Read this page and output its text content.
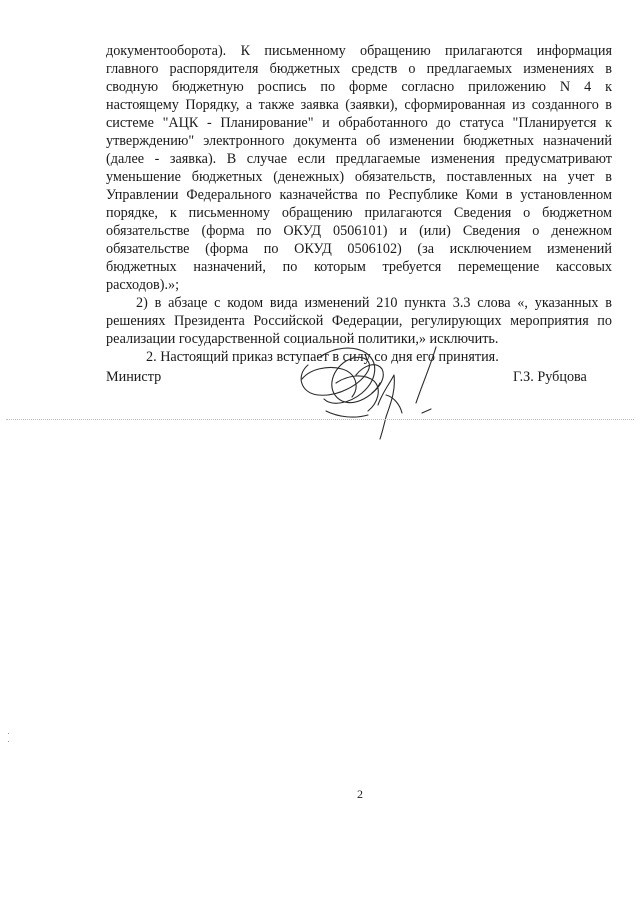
документооборота). К письменному обращению прилагаются информация
главного распорядителя бюджетных средств о предлагаемых изменениях в
сводную бюджетную роспись по форме согласно приложению N 4 к
настоящему Порядку, а также заявка (заявки), сформированная из созданного в
системе "АЦК - Планирование" и обработанного до статуса "Планируется к
утверждению" электронного документа об изменении бюджетных назначений
(далее - заявка). В случае если предлагаемые изменения предусматривают
уменьшение бюджетных (денежных) обязательств, поставленных на учет в
Управлении Федерального казначейства по Республике Коми в установленном
порядке, к письменному обращению прилагаются Сведения о бюджетном
обязательстве (форма по ОКУД 0506101) и (или) Сведения о денежном
обязательстве (форма по ОКУД 0506102) (за исключением изменений
бюджетных назначений, по которым требуется перемещение кассовых
расходов).»;
2) в абзаце с кодом вида изменений 210 пункта 3.3 слова «, указанных в
решениях Президента Российской Федерации, регулирующих мероприятия по
реализации государственной социальной политики,» исключить.
2. Настоящий приказ вступает в силу со дня его принятия.
Министр	Г.З. Рубцова
2
